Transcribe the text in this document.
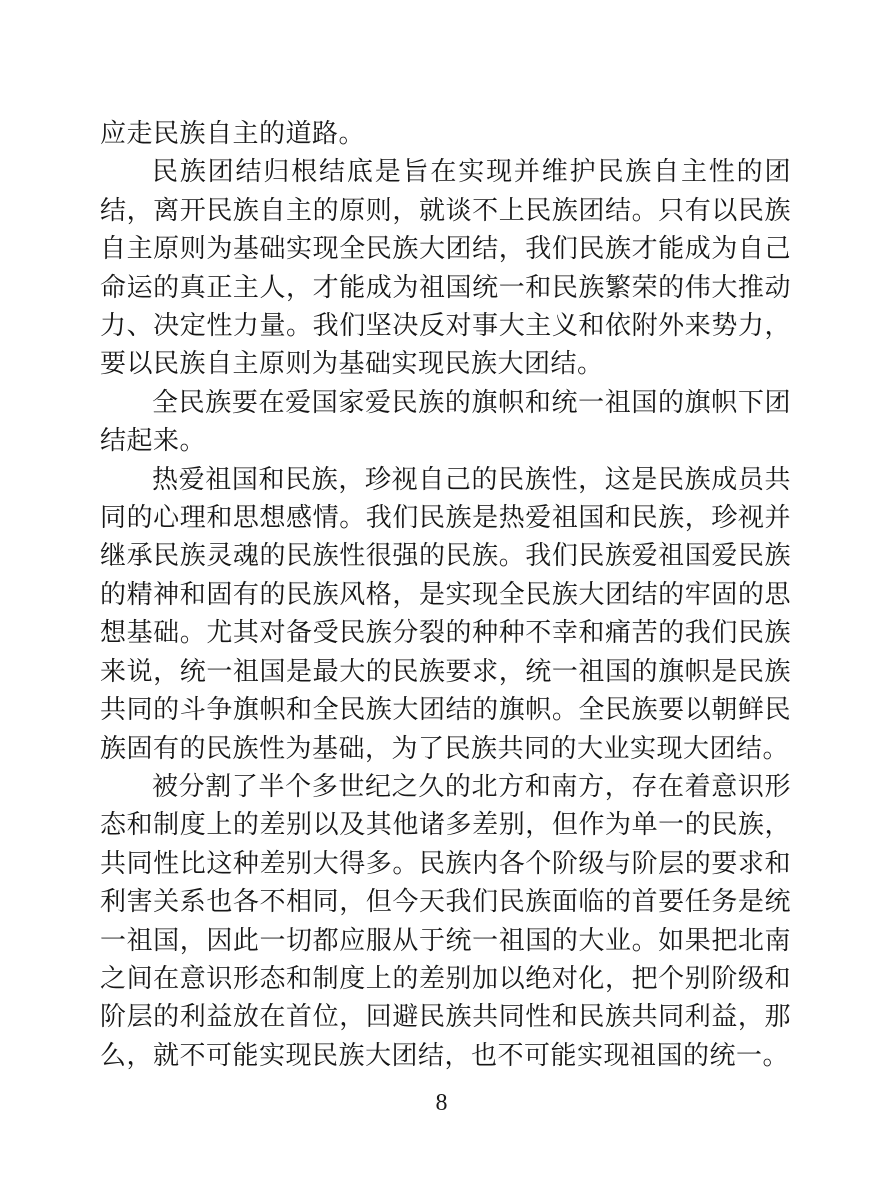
应走民族自主的道路。

民族团结归根结底是旨在实现并维护民族自主性的团结，离开民族自主的原则，就谈不上民族团结。只有以民族自主原则为基础实现全民族大团结，我们民族才能成为自己命运的真正主人，才能成为祖国统一和民族繁荣的伟大推动力、决定性力量。我们坚决反对事大主义和依附外来势力，要以民族自主原则为基础实现民族大团结。

全民族要在爱国家爱民族的旗帜和统一祖国的旗帜下团结起来。

热爱祖国和民族，珍视自己的民族性，这是民族成员共同的心理和思想感情。我们民族是热爱祖国和民族，珍视并继承民族灵魂的民族性很强的民族。我们民族爱祖国爱民族的精神和固有的民族风格，是实现全民族大团结的牢固的思想基础。尤其对备受民族分裂的种种不幸和痛苦的我们民族来说，统一祖国是最大的民族要求，统一祖国的旗帜是民族共同的斗争旗帜和全民族大团结的旗帜。全民族要以朝鲜民族固有的民族性为基础，为了民族共同的大业实现大团结。

被分割了半个多世纪之久的北方和南方，存在着意识形态和制度上的差别以及其他诸多差别，但作为单一的民族，共同性比这种差别大得多。民族内各个阶级与阶层的要求和利害关系也各不相同，但今天我们民族面临的首要任务是统一祖国，因此一切都应服从于统一祖国的大业。如果把北南之间在意识形态和制度上的差别加以绝对化，把个别阶级和阶层的利益放在首位，回避民族共同性和民族共同利益，那么，就不可能实现民族大团结，也不可能实现祖国的统一。

8
